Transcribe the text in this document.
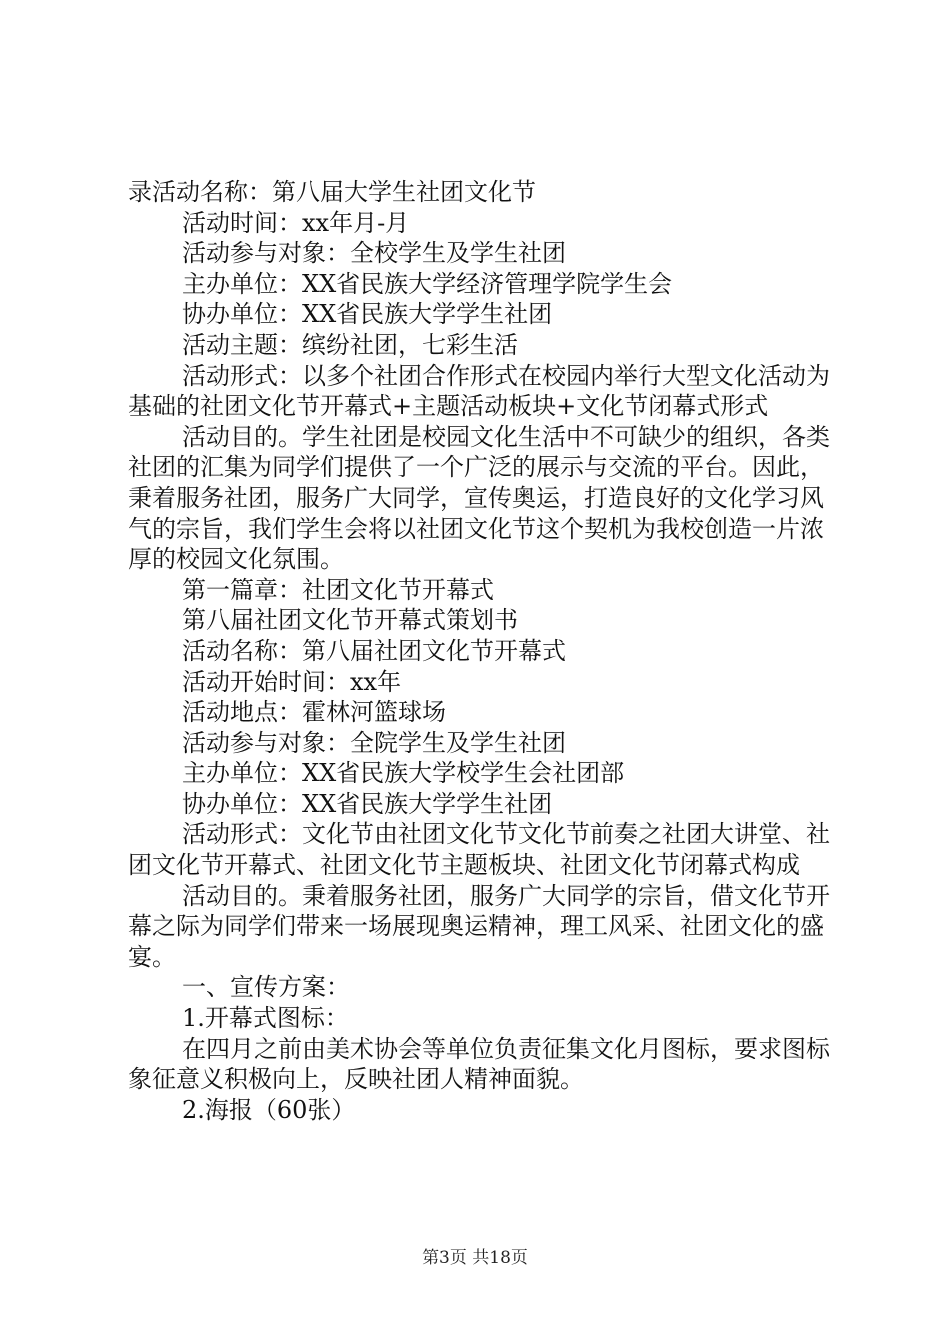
录活动名称：第八届大学生社团文化节

活动时间：xx年月-月

活动参与对象：全校学生及学生社团

主办单位：XX省民族大学经济管理学院学生会

协办单位：XX省民族大学学生社团

活动主题：缤纷社团，七彩生活

活动形式：以多个社团合作形式在校园内举行大型文化活动为基础的社团文化节开幕式+主题活动板块+文化节闭幕式形式

活动目的。学生社团是校园文化生活中不可缺少的组织，各类社团的汇集为同学们提供了一个广泛的展示与交流的平台。因此，秉着服务社团，服务广大同学，宣传奥运，打造良好的文化学习风气的宗旨，我们学生会将以社团文化节这个契机为我校创造一片浓厚的校园文化氛围。

第一篇章：社团文化节开幕式

第八届社团文化节开幕式策划书

活动名称：第八届社团文化节开幕式

活动开始时间：xx年

活动地点：霍林河篮球场

活动参与对象：全院学生及学生社团

主办单位：XX省民族大学校学生会社团部

协办单位：XX省民族大学学生社团

活动形式：文化节由社团文化节文化节前奏之社团大讲堂、社团文化节开幕式、社团文化节主题板块、社团文化节闭幕式构成

活动目的。秉着服务社团，服务广大同学的宗旨，借文化节开幕之际为同学们带来一场展现奥运精神，理工风采、社团文化的盛宴。

一、宣传方案：

1.开幕式图标：

在四月之前由美术协会等单位负责征集文化月图标，要求图标象征意义积极向上，反映社团人精神面貌。

2.海报（60张）

第3页 共18页
